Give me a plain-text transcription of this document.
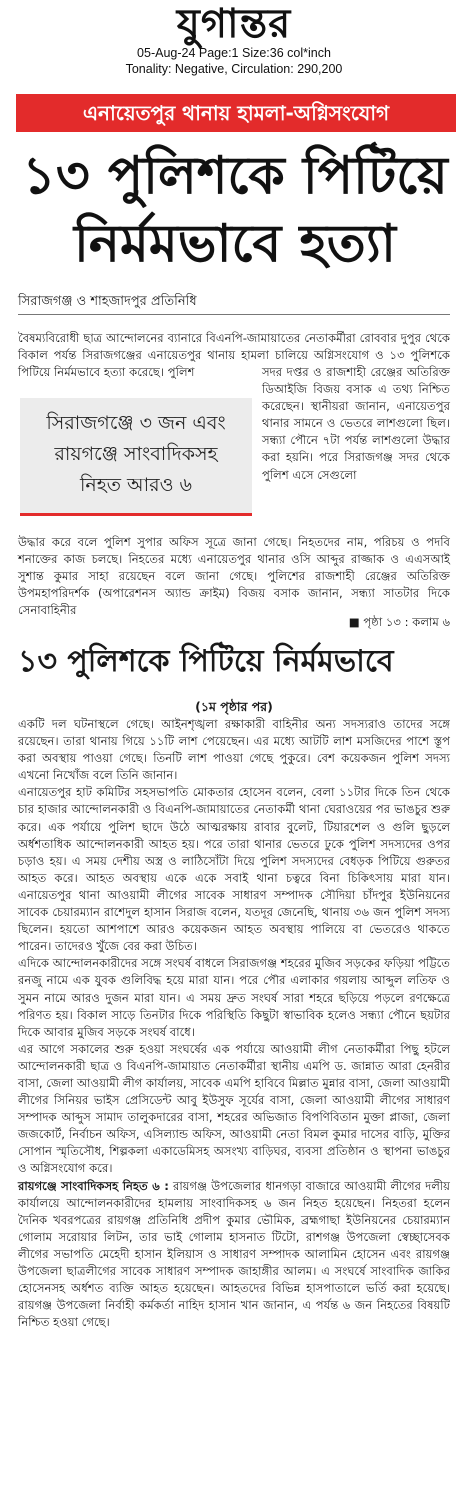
যুগান্তর
05-Aug-24 Page:1 Size:36 col*inch
Tonality: Negative, Circulation: 290,200
এনায়েতপুর থানায় হামলা-অগ্নিসংযোগ
১৩ পুলিশকে পিটিয়ে
নির্মমভাবে হত্যা
সিরাজগঞ্জ ও শাহজাদপুর প্রতিনিধি
বৈষম্যবিরোধী ছাত্র আন্দোলনের ব্যানারে বিএনপি-জামায়াতের নেতাকর্মীরা রোববার দুপুর থেকে বিকাল পর্যন্ত সিরাজগঞ্জের এনায়েতপুর থানায় হামলা চালিয়ে অগ্নিসংযোগ ও ১৩ পুলিশকে পিটিয়ে নির্মমভাবে হত্যা করেছে। পুলিশ
সিরাজগঞ্জে ৩ জন এবং
রায়গঞ্জে সাংবাদিকসহ
নিহত আরও ৬
সদর দপ্তর ও রাজশাহী রেঞ্জের অতিরিক্ত ডিআইজি বিজয় বসাক এ তথ্য নিশ্চিত করেছেন। স্থানীয়রা জানান, এনায়েতপুর থানার সামনে ও ভেতরে লাশগুলো ছিল। সন্ধ্যা পৌনে ৭টা পর্যন্ত লাশগুলো উদ্ধার করা হয়নি। পরে সিরাজগঞ্জ সদর থেকে পুলিশ এসে সেগুলো
উদ্ধার করে বলে পুলিশ সুপার অফিস সূত্রে জানা গেছে। নিহতদের নাম, পরিচয় ও পদবি শনাক্তের কাজ চলছে। নিহতের মধ্যে এনায়েতপুর থানার ওসি আব্দুর রাজ্জাক ও এএসআই সুশান্ত কুমার সাহা রয়েছেন বলে জানা গেছে। পুলিশের রাজশাহী রেঞ্জের অতিরিক্ত উপমহাপরিদর্শক (অপারেশনস অ্যান্ড ক্রাইম) বিজয় বসাক জানান, সন্ধ্যা সাতটার দিকে সেনাবাহিনীর
■ পৃষ্ঠা ১৩ : কলাম ৬
১৩ পুলিশকে পিটিয়ে নির্মমভাবে
(১ম পৃষ্ঠার পর)

একটি দল ঘটনাস্থলে গেছে। আইনশৃঙ্খলা রক্ষাকারী বাহিনীর অন্য সদস্যরাও তাদের সঙ্গে রয়েছেন। তারা থানায় গিয়ে ১১টি লাশ পেয়েছেন। এর মধ্যে আটটি লাশ মসজিদের পাশে স্তূপ করা অবস্থায় পাওয়া গেছে। তিনটি লাশ পাওয়া গেছে পুকুরে। বেশ কয়েকজন পুলিশ সদস্য এখনো নিখোঁজ বলে তিনি জানান।

এনায়েতপুর হাট কমিটির সহসভাপতি মোকতার হোসেন বলেন, বেলা ১১টার দিকে তিন থেকে চার হাজার আন্দোলনকারী ও বিএনপি-জামায়াতের নেতাকর্মী থানা ঘেরাওয়ের পর ভাঙচুর শুরু করে। এক পর্যায়ে পুলিশ ছাদে উঠে আত্মরক্ষায় রাবার বুলেট, টিয়ারশেল ও গুলি ছুড়লে অর্ধশতাধিক আন্দোলনকারী আহত হয়। পরে তারা থানার ভেতরে ঢুকে পুলিশ সদস্যদের ওপর চড়াও হয়। এ সময় দেশীয় অস্ত্র ও লাঠিসোঁটা দিয়ে পুলিশ সদস্যদের বেধড়ক পিটিয়ে গুরুতর আহত করে। আহত অবস্থায় একে একে সবাই থানা চত্বরে বিনা চিকিৎসায় মারা যান। এনায়েতপুর থানা আওয়ামী লীগের সাবেক সাধারণ সম্পাদক সৌদিয়া চাঁদপুর ইউনিয়নের সাবেক চেয়ারম্যান রাশেদুল হাসান সিরাজ বলেন, যতদূর জেনেছি, থানায় ৩৬ জন পুলিশ সদস্য ছিলেন। হয়তো আশপাশে আরও কয়েকজন আহত অবস্থায় পালিয়ে বা ভেতরেও থাকতে পারেন। তাদেরও খুঁজে বের করা উচিত।

এদিকে আন্দোলনকারীদের সঙ্গে সংঘর্ষ বাধলে সিরাজগঞ্জ শহরের মুজিব সড়কের ফড়িয়া পট্টিতে রনজু নামে এক যুবক গুলিবিদ্ধ হয়ে মারা যান। পরে পৌর এলাকার গয়লায় আব্দুল লতিফ ও সুমন নামে আরও দুজন মারা যান। এ সময় দ্রুত সংঘর্ষ সারা শহরে ছড়িয়ে পড়লে রণক্ষেত্রে পরিণত হয়। বিকাল সাড়ে তিনটার দিকে পরিস্থিতি কিছুটা স্বাভাবিক হলেও সন্ধ্যা পৌনে ছয়টার দিকে আবার মুজিব সড়কে সংঘর্ষ বাধে।

এর আগে সকালের শুরু হওয়া সংঘর্ষের এক পর্যায়ে আওয়ামী লীগ নেতাকর্মীরা পিছু হটলে আন্দোলনকারী ছাত্র ও বিএনপি-জামায়াত নেতাকর্মীরা স্থানীয় এমপি ড. জান্নাত আরা হেনরীর বাসা, জেলা আওয়ামী লীগ কার্যালয়, সাবেক এমপি হাবিবে মিল্লাত মুন্নার বাসা, জেলা আওয়ামী লীগের সিনিয়র ভাইস প্রেসিডেন্ট আবু ইউসুফ সূর্যের বাসা, জেলা আওয়ামী লীগের সাধারণ সম্পাদক আব্দুস সামাদ তালুকদারের বাসা, শহরের অভিজাত বিপণিবিতান মুক্তা প্লাজা, জেলা জজকোর্ট, নির্বাচন অফিস, এসিল্যান্ড অফিস, আওয়ামী নেতা বিমল কুমার দাসের বাড়ি, মুক্তির সোপান স্মৃতিসৌধ, শিল্পকলা একাডেমিসহ অসংখ্য বাড়িঘর, ব্যবসা প্রতিষ্ঠান ও স্থাপনা ভাঙচুর ও অগ্নিসংযোগ করে।

রায়গঞ্জে সাংবাদিকসহ নিহত ৬ : রায়গঞ্জ উপজেলার ধানগড়া বাজারে আওয়ামী লীগের দলীয় কার্যালয়ে আন্দোলনকারীদের হামলায় সাংবাদিকসহ ৬ জন নিহত হয়েছেন। নিহতরা হলেন দৈনিক খবরপত্রের রায়গঞ্জ প্রতিনিধি প্রদীপ কুমার ভৌমিক, ব্রহ্মগাছা ইউনিয়নের চেয়ারম্যান গোলাম সরোয়ার লিটন, তার ভাই গোলাম হাসনাত টিটো, রাশগঞ্জ উপজেলা স্বেচ্ছাসেবক লীগের সভাপতি মেহেদী হাসান ইলিয়াস ও সাধারণ সম্পাদক আলামিন হোসেন এবং রায়গঞ্জ উপজেলা ছাত্রলীগের সাবেক সাধারণ সম্পাদক জাহাঙ্গীর আলম। এ সংঘর্ষে সাংবাদিক জাকির হোসেনসহ অর্ধশত ব্যক্তি আহত হয়েছেন। আহতদের বিভিন্ন হাসপাতালে ভর্তি করা হয়েছে। রায়গঞ্জ উপজেলা নির্বাহী কর্মকর্তা নাহিদ হাসান খান জানান, এ পর্যন্ত ৬ জন নিহতের বিষয়টি নিশ্চিত হওয়া গেছে।
